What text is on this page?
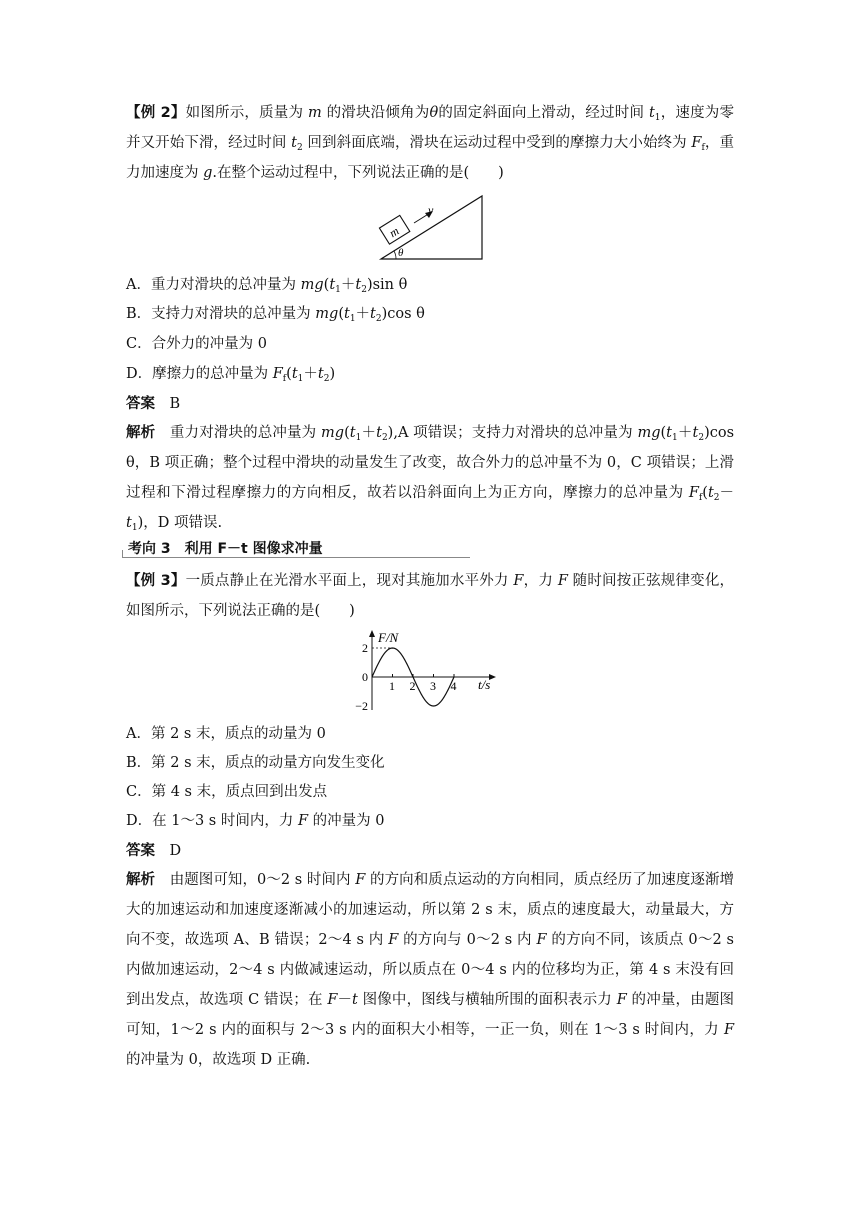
【例 2】如图所示，质量为 m 的滑块沿倾角为θ的固定斜面向上滑动，经过时间 $t_1$，速度为零并又开始下滑，经过时间 $t_2$ 回到斜面底端，滑块在运动过程中受到的摩擦力大小始终为 $F_f$，重力加速度为 g.在整个运动过程中，下列说法正确的是(　　)
m
v
θ
A．重力对滑块的总冲量为 $mg(t_1+t_2)\sin$ θ
B．支持力对滑块的总冲量为 $mg(t_1+t_2)\cos$ θ
C．合外力的冲量为 0
D．摩擦力的总冲量为 $F_f(t_1+t_2)$
答案　 B
解析　 重力对滑块的总冲量为 $mg(t_1+t_2),A$ 项错误；支持力对滑块的总冲量为 $mg(t_1+t_2)\cos$ θ，B 项正确；整个过程中滑块的动量发生了改变，故合外力的总冲量不为 0，C 项错误；上滑过程和下滑过程摩擦力的方向相反，故若以沿斜面向上为正方向，摩擦力的总冲量为 $F_f(t_2-t_1)$，D 项错误.
考向 3　利用 F－t 图像求冲量
【例 3】一质点静止在光滑水平面上，现对其施加水平外力 F，力 F 随时间按正弦规律变化，如图所示，下列说法正确的是(　　)
1 2 3 4
2
0
−2
F/N
t/s
A．第 2 s 末，质点的动量为 0
B．第 2 s 末，质点的动量方向发生变化
C．第 4 s 末，质点回到出发点
D．在 1～3 s 时间内，力 F 的冲量为 0
答案　 D
解析　 由题图可知，0～2 s 时间内 F 的方向和质点运动的方向相同，质点经历了加速度逐渐增大的加速运动和加速度逐渐减小的加速运动，所以第 2 s 末，质点的速度最大，动量最大，方向不变，故选项 A、B 错误；2～4 s 内 F 的方向与 0～2 s 内 F 的方向不同，该质点 0～2 s 内做加速运动，2～4 s 内做减速运动，所以质点在 0～4 s 内的位移均为正，第 4 s 末没有回到出发点，故选项 C 错误；在 F－t 图像中，图线与横轴所围的面积表示力 F 的冲量，由题图可知，1～2 s 内的面积与 2～3 s 内的面积大小相等，一正一负，则在 1～3 s 时间内，力 F 的冲量为 0，故选项 D 正确.
